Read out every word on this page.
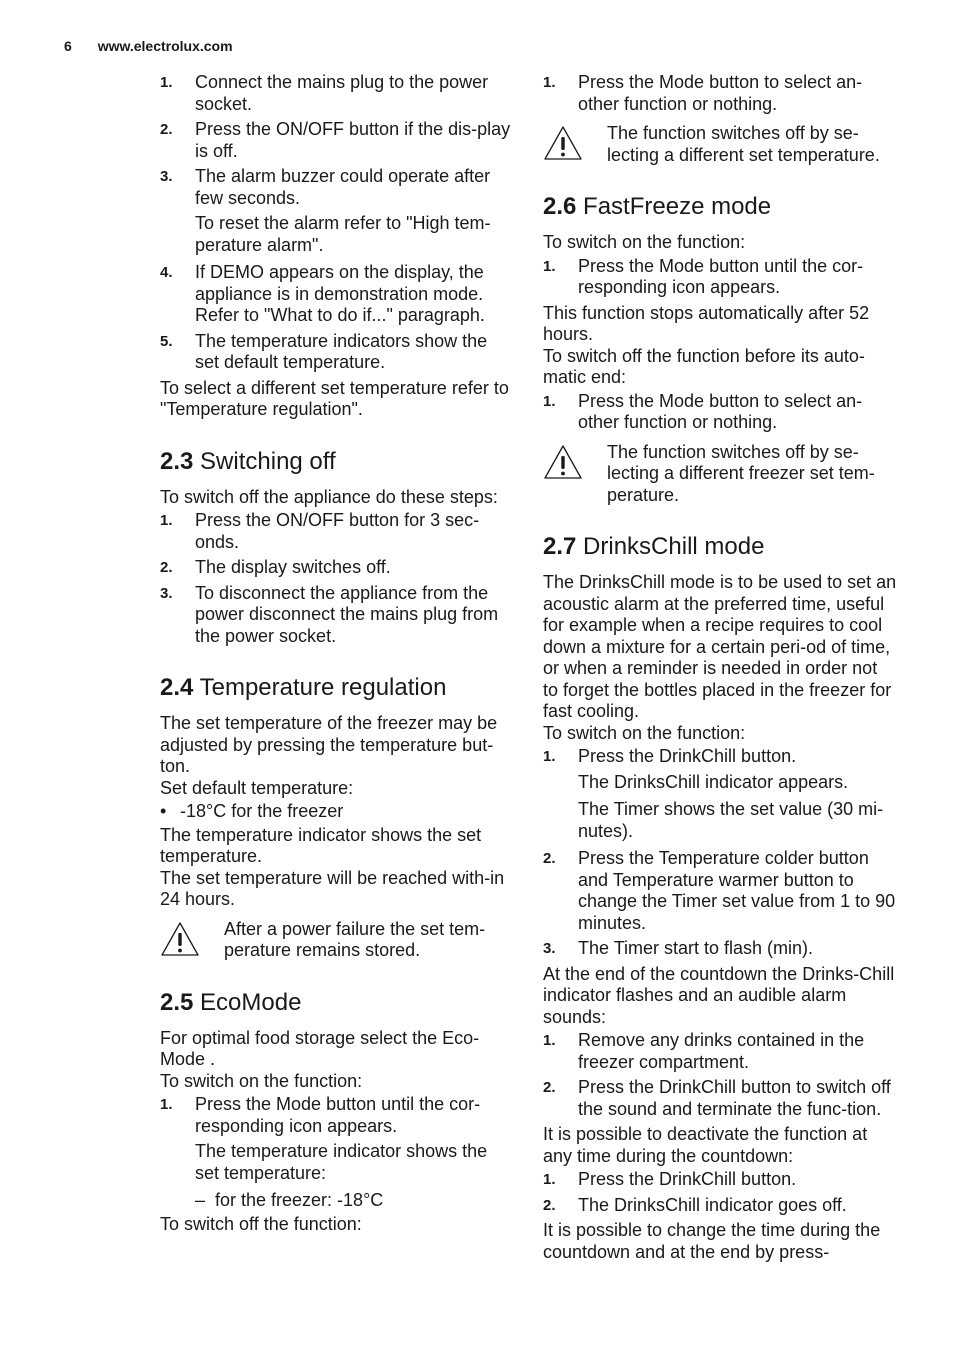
6 www.electrolux.com
1.	Connect the mains plug to the power socket.
2.	Press the ON/OFF button if the dis-play is off.
3.	The alarm buzzer could operate after few seconds.
To reset the alarm refer to "High tem-perature alarm".
4.	If DEMO appears on the display, the appliance is in demonstration mode. Refer to "What to do if..." paragraph.
5.	The temperature indicators show the set default temperature.

To select a different set temperature refer to "Temperature regulation".

2.3 Switching off

To switch off the appliance do these steps:

1.	Press the ON/OFF button for 3 sec-onds.
2.	The display switches off.
3.	To disconnect the appliance from the power disconnect the mains plug from the power socket.
2.4 Temperature regulation

The set temperature of the freezer may be adjusted by pressing the temperature but-ton.

Set default temperature:

• -18°C for the freezer

The temperature indicator shows the set temperature.

The set temperature will be reached with-in 24 hours.

After a power failure the set tem-perature remains stored.
2.5 EcoMode

For optimal food storage select the Eco-Mode .

To switch on the function:

1.	Press the Mode button until the cor-responding icon appears.
The temperature indicator shows the set temperature:
– for the freezer: -18°C

To switch off the function:

1.	Press the Mode button to select an-other function or nothing.
The function switches off by se-lecting a different set temperature.
2.6 FastFreeze mode

To switch on the function:

1.	Press the Mode button until the cor-responding icon appears.

This function stops automatically after 52 hours.

To switch off the function before its auto-matic end:

1.	Press the Mode button to select an-other function or nothing.
The function switches off by se-lecting a different freezer set tem-perature.
2.7 DrinksChill mode

The DrinksChill mode is to be used to set an acoustic alarm at the preferred time, useful for example when a recipe requires to cool down a mixture for a certain peri-od of time, or when a reminder is needed in order not to forget the bottles placed in the freezer for fast cooling.

To switch on the function:

1.	Press the DrinkChill button.
The DrinksChill indicator appears.
The Timer shows the set value (30 mi-nutes).
2.	Press the Temperature colder button and Temperature warmer button to change the Timer set value from 1 to 90 minutes.
3.	The Timer start to flash (min).

At the end of the countdown the Drinks-Chill indicator flashes and an audible alarm sounds:

1.	Remove any drinks contained in the freezer compartment.
2.	Press the DrinkChill button to switch off the sound and terminate the func-tion.

It is possible to deactivate the function at any time during the countdown:

1.	Press the DrinkChill button.
2.	The DrinksChill indicator goes off.

It is possible to change the time during the countdown and at the end by press-
